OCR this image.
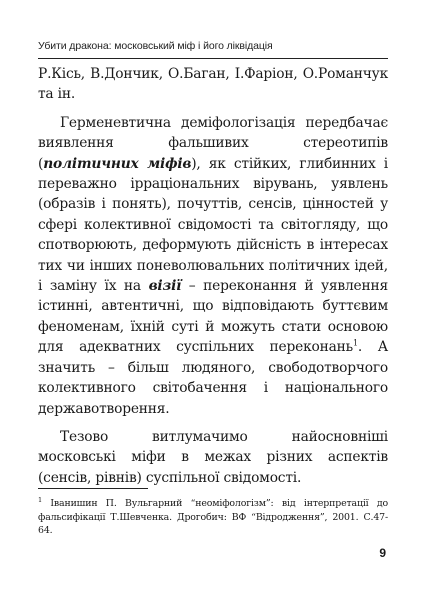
Убити дракона: московський міф і його ліквідація

Р.Кісь, В.Дончик, О.Баган, І.Фаріон, О.Романчук та ін.

Герменевтична деміфологізація передбачає виявлення фальшивих стереотипів (політичних міфів), як стійких, глибинних і переважно ірраціональних вірувань, уявлень (образів і понять), почуттів, сенсів, цінностей у сфері колективної свідомості та світогляду, що спотворюють, деформують дійсність в інтересах тих чи інших поневолювальних політичних ідей, і заміну їх на візії – переконання й уявлення істинні, автентичні, що відповідають буттєвим феноменам, їхній суті й можуть стати основою для адекватних суспільних переконань$^1$. А значить – більш людяного, свободотворчого колективного світобачення і національного державотворення.

Тезово витлумачимо найосновніші московські міфи в межах різних аспектів (сенсів, рівнів) суспільної свідомості.

$^1$ Іванишин П. Вульгарний “неоміфологізм”: від інтерпретації до фальсифікації Т.Шевченка. Дрогобич: ВФ “Відродження”, 2001. С.47-64.
9
